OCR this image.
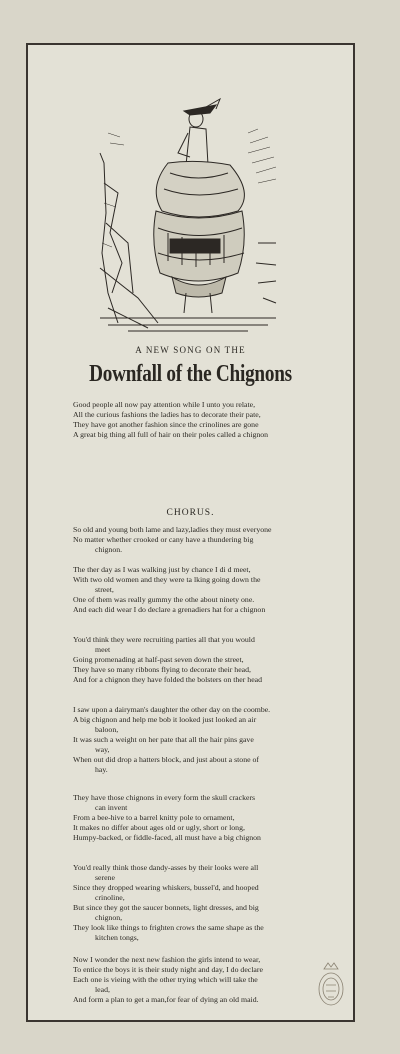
A NEW SONG ON THE
Downfall of the Chignons
Good people all now pay attention while I unto you relate,
All the curious fashions the ladies has to decorate their pate,
They have got another fashion since the crinolines are gone
A great big thing all full of hair on their poles called a chignon
CHORUS.
So old and young both lame and lazy,ladies they must everyone
No matter whether crooked or cany have a thundering big
chignon.
The ther day as I was walking just by chance I di d meet,
With two old women and they were ta lking going down the
street,
One of them was really gummy the othe about ninety one.
And each did wear I do declare a grenadiers hat for a chignon
You'd think they were recruiting parties all that you would
meet
Going promenading at half-past seven down the street,
They have so many ribbons flying to decorate their head,
And for a chignon they have folded the bolsters on ther head
I saw upon a dairyman's daughter the other day on the coombe.
A big chignon and help me bob it looked just looked an air
baloon,
It was such a weight on her pate that all the hair pins gave
way,
When out did drop a hatters block, and just about a stone of
hay.
They have those chignons in every form the skull crackers
can invent
From a bee-hive to a barrel knitty pole to ornament,
It makes no differ about ages old or ugly, short or long,
Humpy-backed, or fiddle-faced, all must have a big chignon
You'd really think those dandy-asses by their looks were all
serene
Since they dropped wearing whiskers, bussel'd, and hooped
crinoline,
But since they got the saucer bonnets, light dresses, and big
chignon,
They look like things to frighten crows the same shape as the
kitchen tongs,
Now I wonder the next new fashion the girls intend to wear,
To entice the boys it is their study night and day, I do declare
Each one is vieing with the other trying which will take the
lead,
And form a plan to get a man,for fear of dying an old maid.
